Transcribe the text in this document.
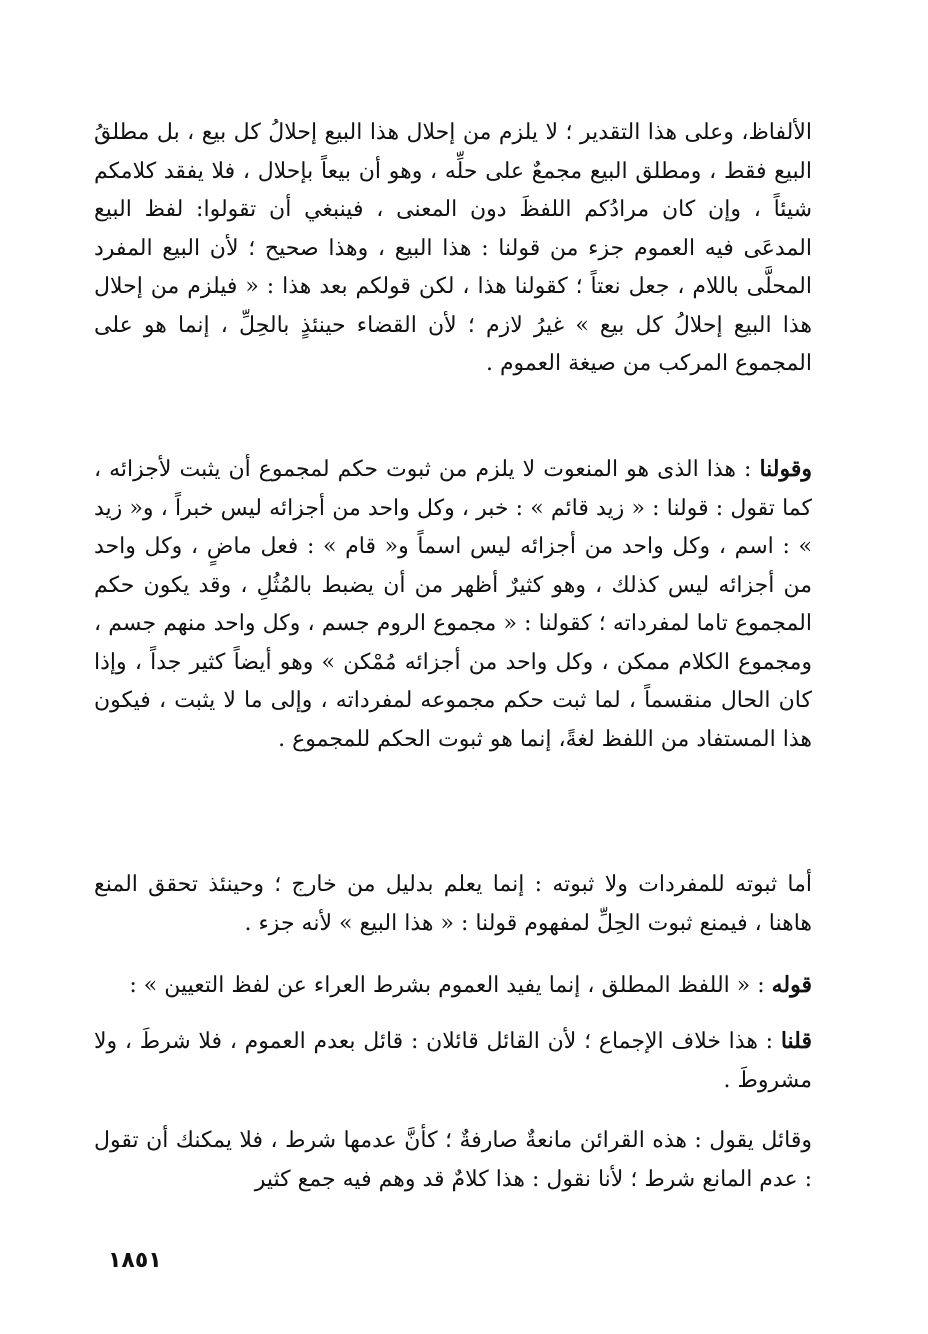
الألفاظ، وعلى هذا التقدير ؛ لا يلزم من إحلال هذا البيع إحلالُ كل بيع ، بل مطلقُ البيع فقط ، ومطلق البيع مجمعٌ على حلِّه ، وهو أن بيعاً بإحلال ، فلا يفقد كلامكم شيئاً ، وإن كان مرادُكم اللفظَ دون المعنى ، فينبغي أن تقولوا: لفظ البيع المدعَى فيه العموم جزء من قولنا : هذا البيع ، وهذا صحيح ؛ لأن البيع المفرد المحلَّى باللام ، جعل نعتاً ؛ كقولنا هذا ، لكن قولكم بعد هذا : « فيلزم من إحلال هذا البيع إحلالُ كل بيع » غيرُ لازم ؛ لأن القضاء حينئذٍ بالحِلِّ ، إنما هو على المجموع المركب من صيغة العموم .

وقولنا : هذا الذى هو المنعوت لا يلزم من ثبوت حكم لمجموع أن يثبت لأجزائه ، كما تقول : قولنا : « زيد قائم » : خبر ، وكل واحد من أجزائه ليس خبراً ، و« زيد » : اسم ، وكل واحد من أجزائه ليس اسماً و« قام » : فعل ماضٍ ، وكل واحد من أجزائه ليس كذلك ، وهو كثيرٌ أظهر من أن يضبط بالمُثُلِ ، وقد يكون حكم المجموع تاما لمفرداته ؛ كقولنا : « مجموع الروم جسم ، وكل واحد منهم جسم ، ومجموع الكلام ممكن ، وكل واحد من أجزائه مُمْكن » وهو أيضاً كثير جداً ، وإذا كان الحال منقسماً ، لما ثبت حكم مجموعه لمفرداته ، وإلى ما لا يثبت ، فيكون هذا المستفاد من اللفظ لغةً، إنما هو ثبوت الحكم للمجموع .

أما ثبوته للمفردات ولا ثبوته : إنما يعلم بدليل من خارج ؛ وحينئذ تحقق المنع هاهنا ، فيمنع ثبوت الحِلِّ لمفهوم قولنا : « هذا البيع » لأنه جزء .

قوله : « اللفظ المطلق ، إنما يفيد العموم بشرط العراء عن لفظ التعيين » :

قلنا : هذا خلاف الإجماع ؛ لأن القائل قائلان : قائل بعدم العموم ، فلا شرطَ ، ولا مشروطَ .

وقائل يقول : هذه القرائن مانعةٌ صارفةٌ ؛ كأنَّ عدمها شرط ، فلا يمكنك أن تقول : عدم المانع شرط ؛ لأنا نقول : هذا كلامٌ قد وهم فيه جمع كثير

١٨٥١
